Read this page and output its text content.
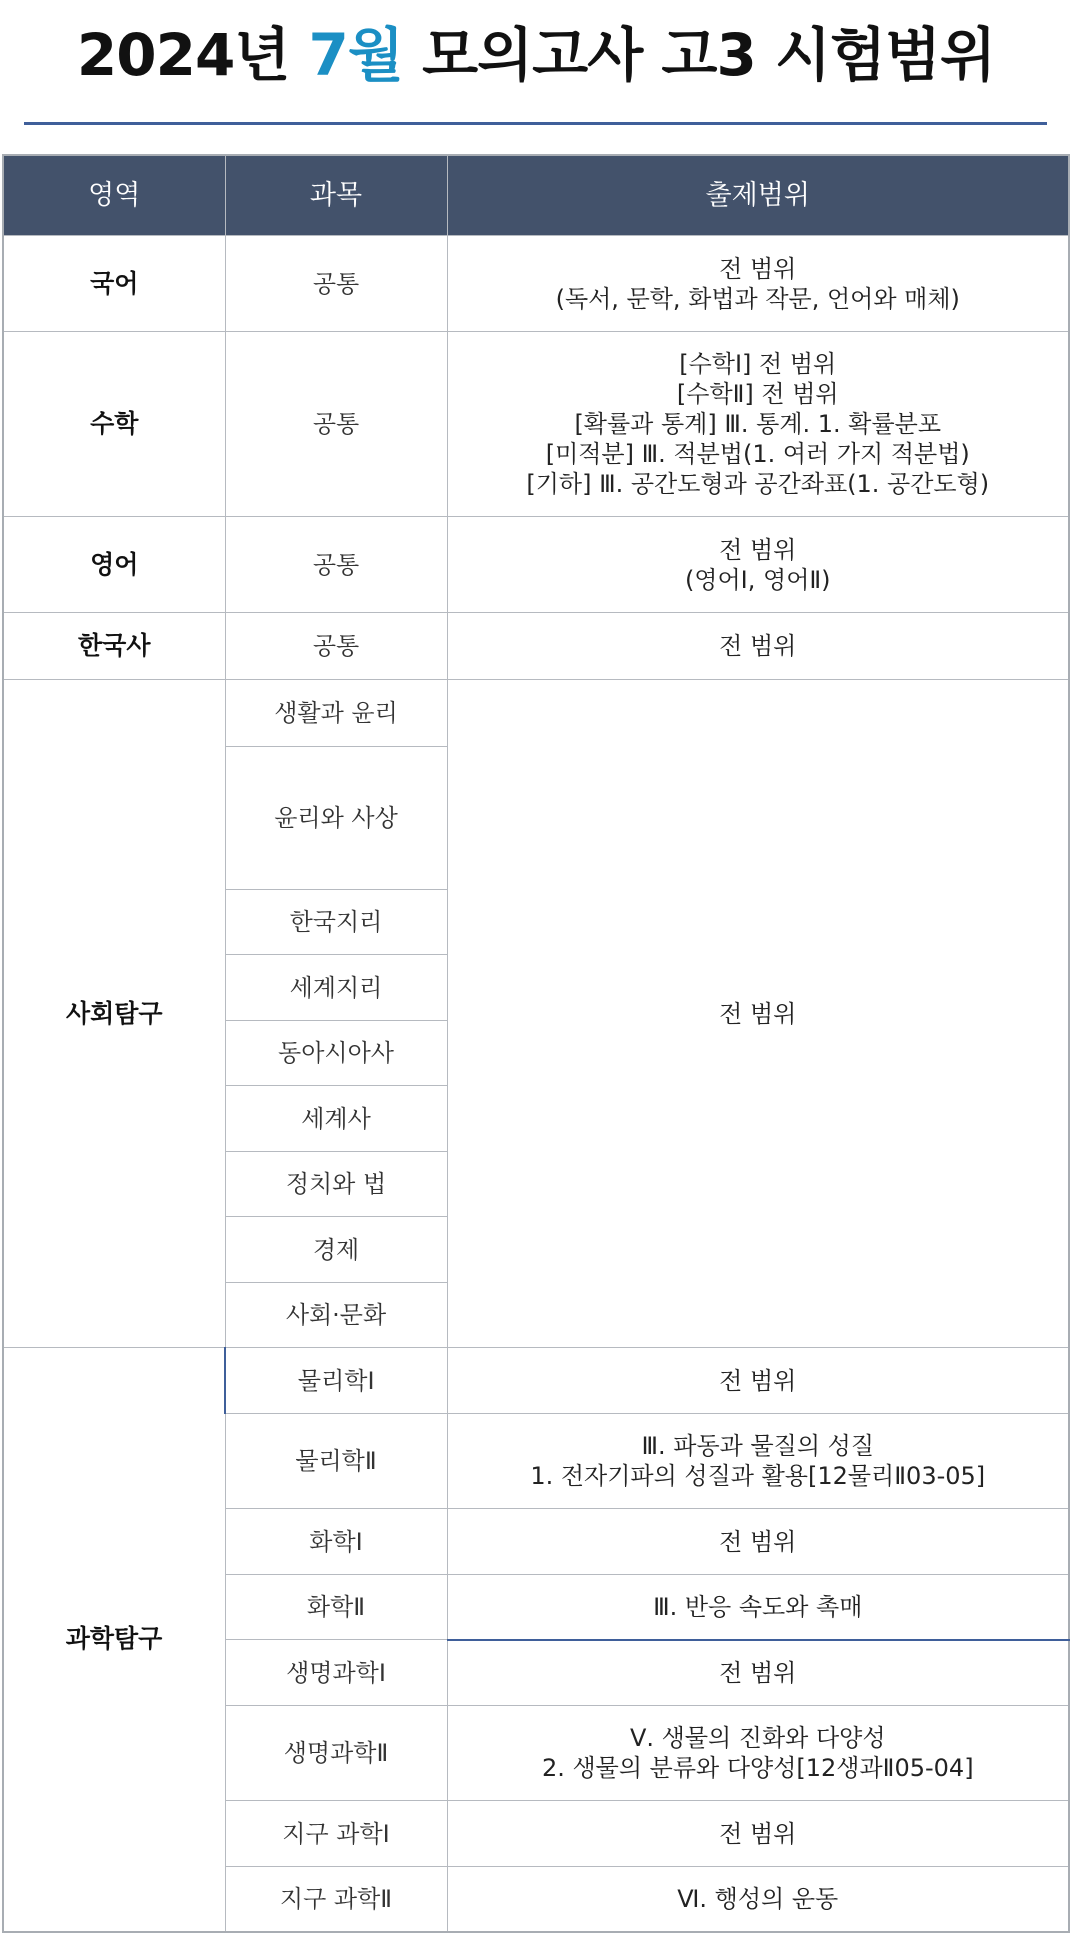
2024년 7월 모의고사 고3 시험범위
영역	과목	출제범위
국어	공통	전 범위
(독서, 문학, 화법과 작문, 언어와 매체)

수학	공통	[수학Ⅰ] 전 범위
[수학Ⅱ] 전 범위
[확률과 통계] Ⅲ. 통계. 1. 확률분포
[미적분] Ⅲ. 적분법(1. 여러 가지 적분법)
[기하] Ⅲ. 공간도형과 공간좌표(1. 공간도형)

영어	공통	전 범위
(영어Ⅰ, 영어Ⅱ)

한국사	공통	전 범위
사회탐구	생활과 윤리	전 범위
	윤리와 사상	
	한국지리	
	세계지리	
	동아시아사	
	세계사	
	정치와 법	
	경제	
	사회·문화	
과학탐구	물리학Ⅰ	전 범위

	물리학Ⅱ	Ⅲ. 파동과 물질의 성질
1. 전자기파의 성질과 활용[12물리Ⅱ03-05]

	화학Ⅰ	전 범위

	화학Ⅱ	Ⅲ. 반응 속도와 촉매

	생명과학Ⅰ	전 범위

	생명과학Ⅱ	Ⅴ. 생물의 진화와 다양성
2. 생물의 분류와 다양성[12생과Ⅱ05-04]

	지구 과학Ⅰ	전 범위

	지구 과학Ⅱ	Ⅵ. 행성의 운동
